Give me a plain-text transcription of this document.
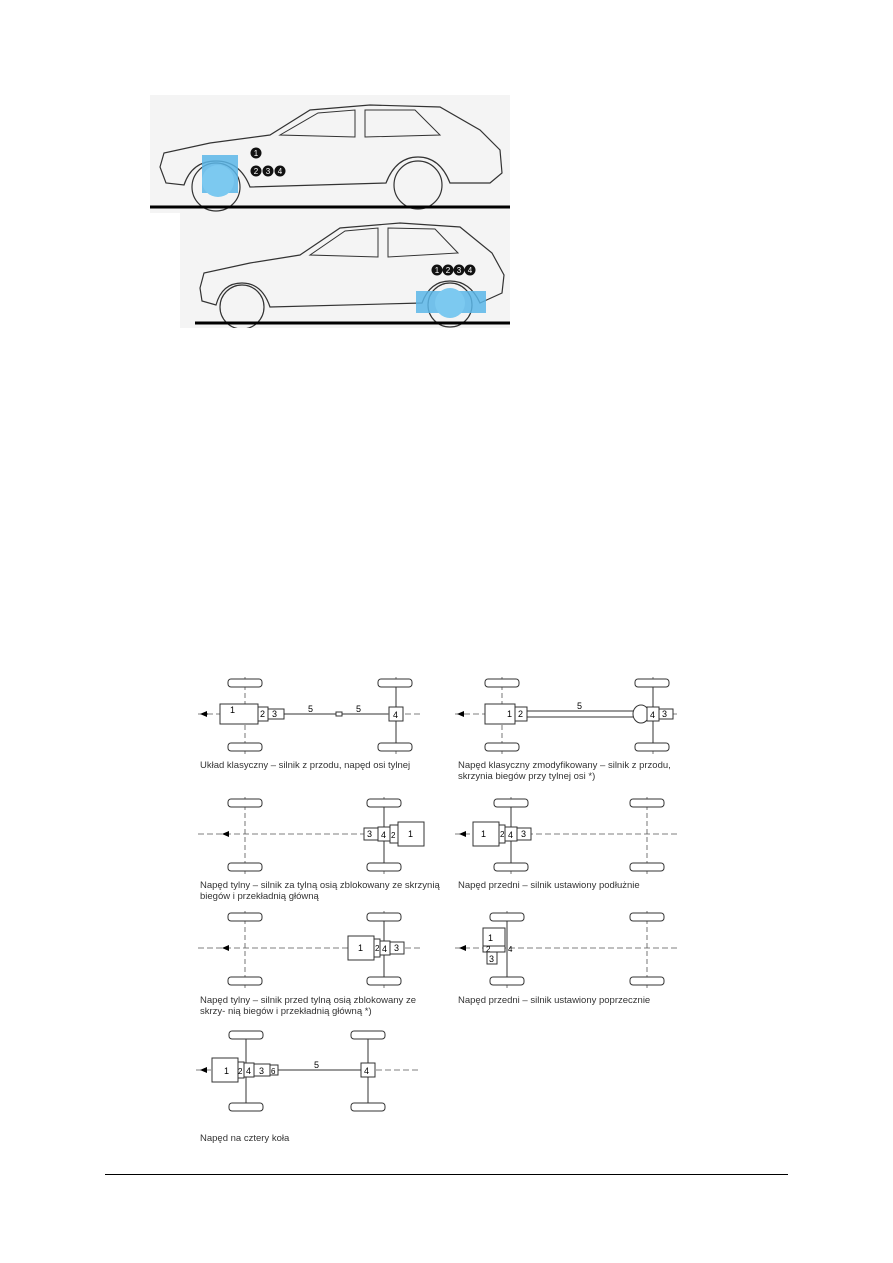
1
2 3 4
1 2 3 4
1	2 3	5	5
4
Układ klasyczny – silnik z przodu, napęd osi tylnej
1 2
5
4 3
Napęd klasyczny zmodyfikowany – silnik z przodu, skrzynia biegów przy tylnej osi *)
3 4 2 1
Napęd tylny – silnik za tylną osią zblokowany ze skrzynią biegów i przekładnią główną
1 2 4 3
Napęd przedni – silnik ustawiony podłużnie
1 2 4 3
Napęd tylny – silnik przed tylną osią zblokowany ze skrzy- nią biegów i przekładnią główną *)
1
2 4
3
Napęd przedni – silnik ustawiony poprzecznie
1 2 4 3 6
5
4
Napęd na cztery koła
